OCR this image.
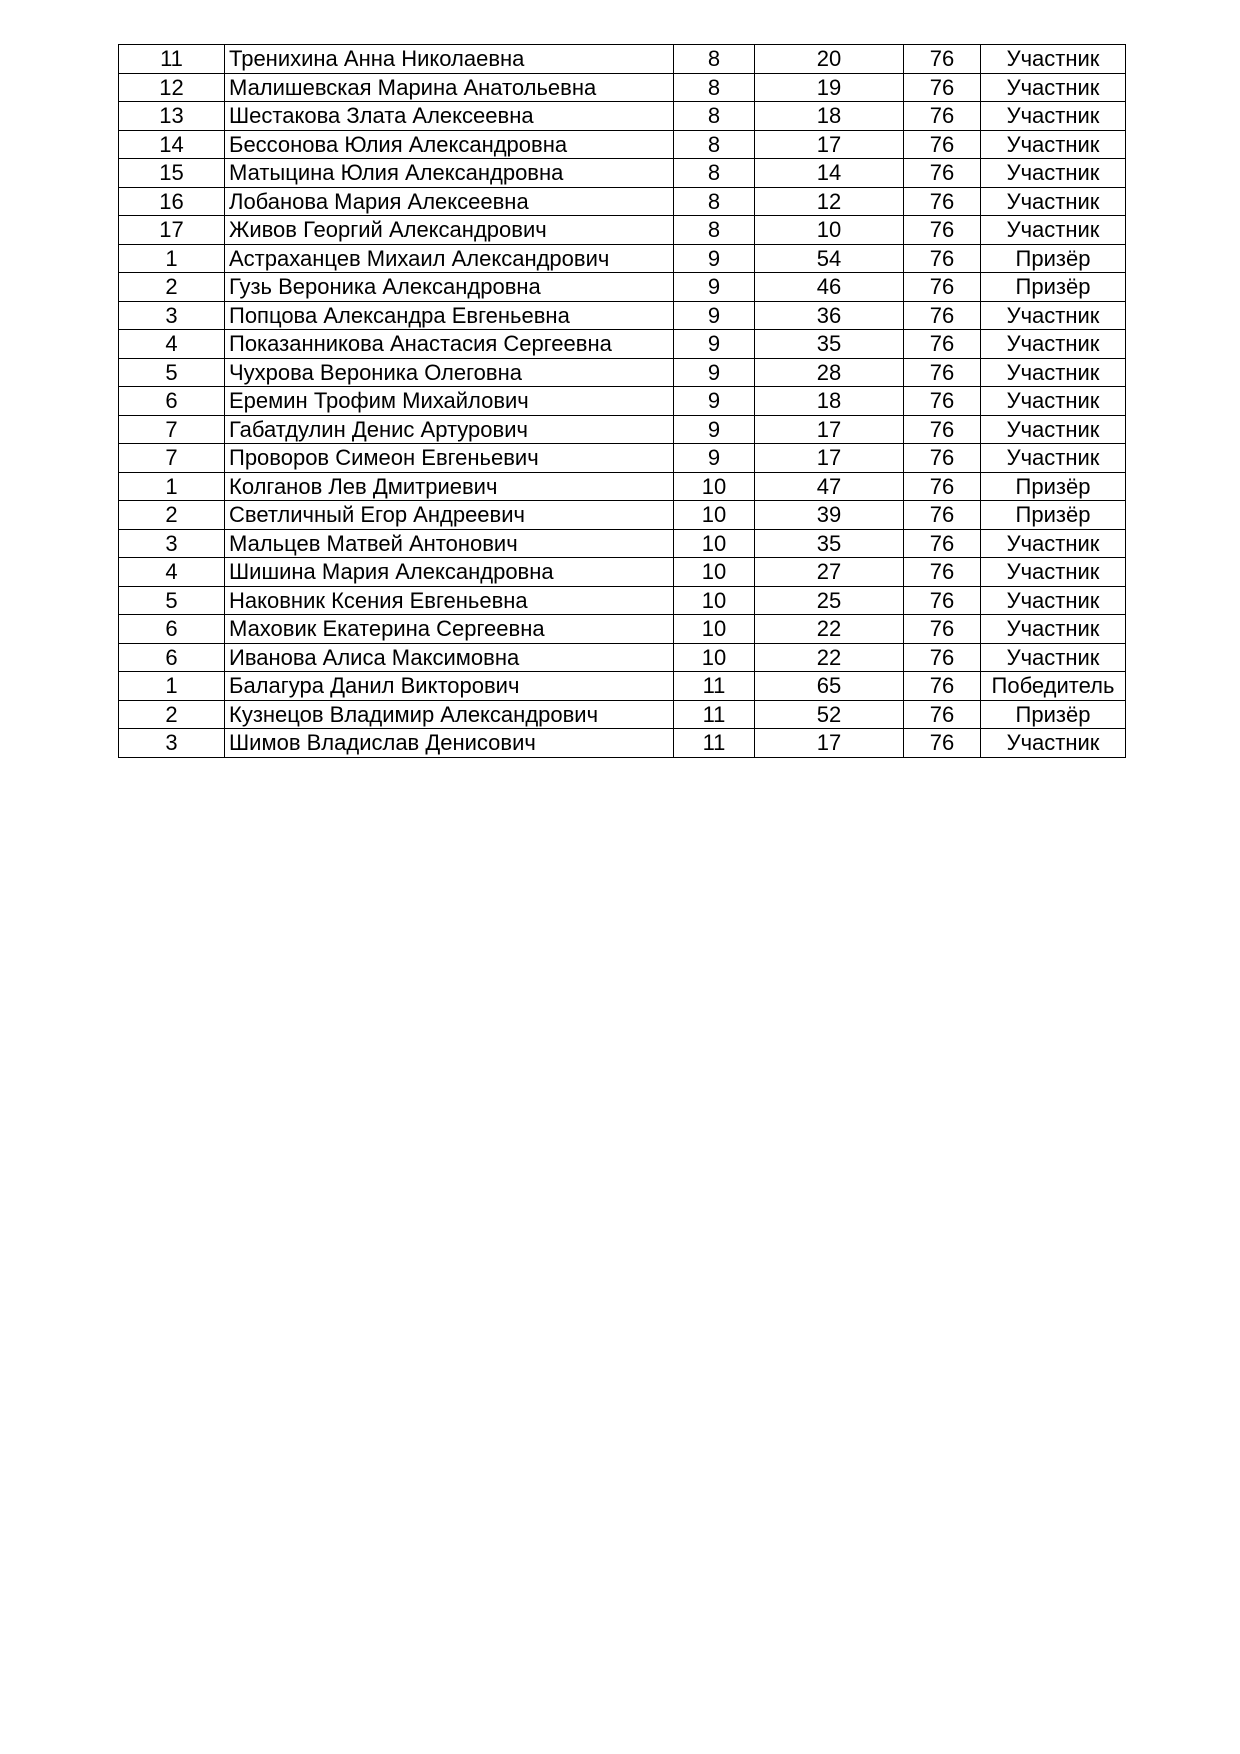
11	Тренихина Анна Николаевна	8	20	76	Участник
12	Малишевская Марина Анатольевна	8	19	76	Участник
13	Шестакова Злата Алексеевна	8	18	76	Участник
14	Бессонова Юлия Александровна	8	17	76	Участник
15	Матыцина Юлия Александровна	8	14	76	Участник
16	Лобанова Мария Алексеевна	8	12	76	Участник
17	Живов Георгий Александрович	8	10	76	Участник
1	Астраханцев Михаил Александрович	9	54	76	Призёр
2	Гузь Вероника Александровна	9	46	76	Призёр
3	Попцова Александра Евгеньевна	9	36	76	Участник
4	Показанникова Анастасия Сергеевна	9	35	76	Участник
5	Чухрова Вероника Олеговна	9	28	76	Участник
6	Еремин Трофим Михайлович	9	18	76	Участник
7	Габатдулин Денис Артурович	9	17	76	Участник
7	Проворов Симеон Евгеньевич	9	17	76	Участник
1	Колганов Лев Дмитриевич	10	47	76	Призёр
2	Светличный Егор Андреевич	10	39	76	Призёр
3	Мальцев Матвей Антонович	10	35	76	Участник
4	Шишина Мария Александровна	10	27	76	Участник
5	Наковник Ксения Евгеньевна	10	25	76	Участник
6	Маховик Екатерина Сергеевна	10	22	76	Участник
6	Иванова Алиса Максимовна	10	22	76	Участник
1	Балагура Данил Викторович	11	65	76	Победитель
2	Кузнецов Владимир Александрович	11	52	76	Призёр
3	Шимов Владислав Денисович	11	17	76	Участник
